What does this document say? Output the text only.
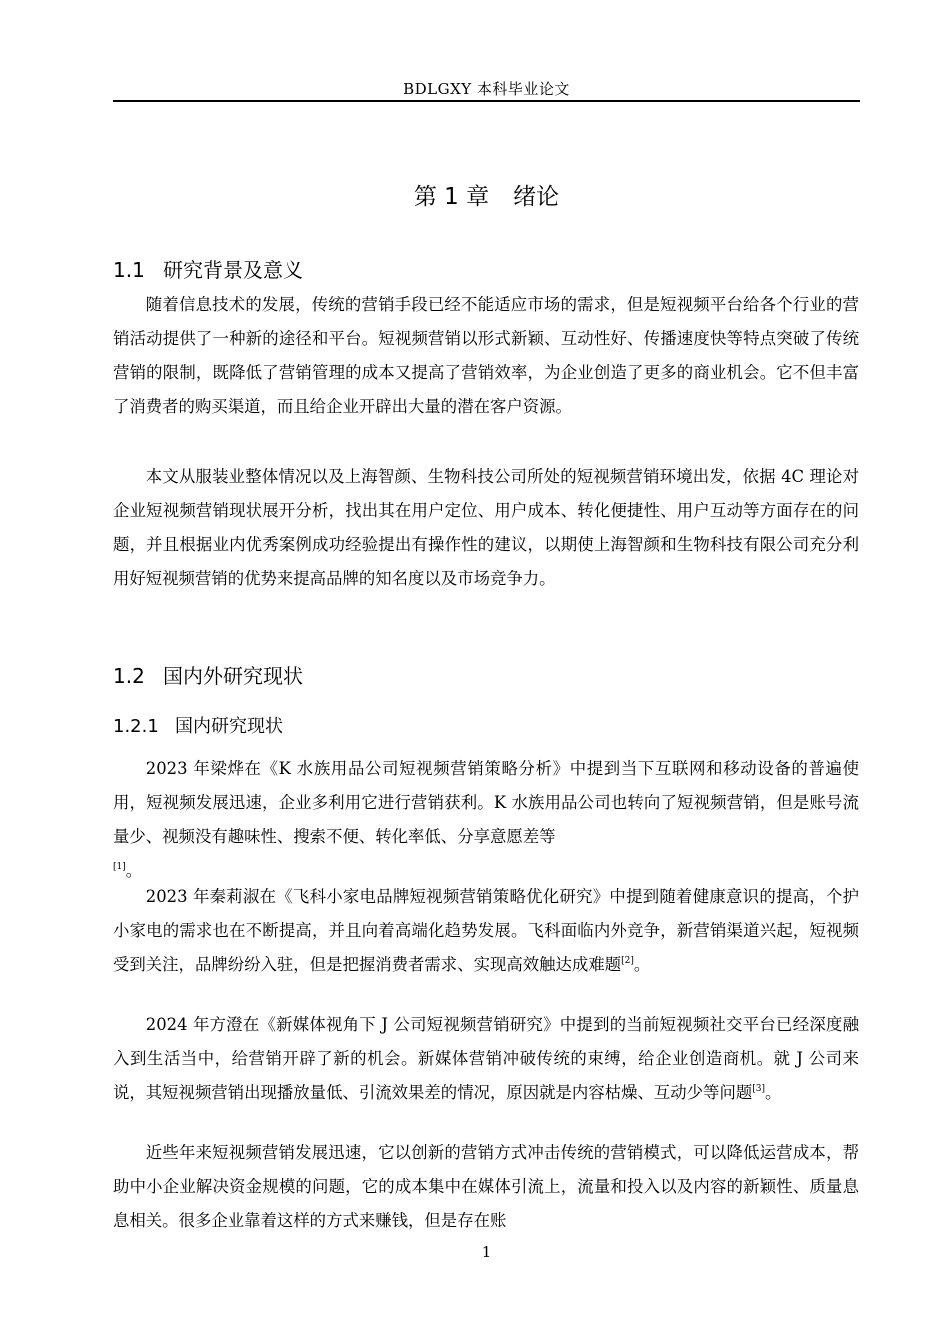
BDLGXY 本科毕业论文
第 1 章 绪论
1.1 研究背景及意义

随着信息技术的发展，传统的营销手段已经不能适应市场的需求，但是短视频平台给各个行业的营销活动提供了一种新的途径和平台。短视频营销以形式新颖、互动性好、传播速度快等特点突破了传统营销的限制，既降低了营销管理的成本又提高了营销效率，为企业创造了更多的商业机会。它不但丰富了消费者的购买渠道，而且给企业开辟出大量的潜在客户资源。

本文从服装业整体情况以及上海智颜、生物科技公司所处的短视频营销环境出发，依据 4C 理论对企业短视频营销现状展开分析，找出其在用户定位、用户成本、转化便捷性、用户互动等方面存在的问题，并且根据业内优秀案例成功经验提出有操作性的建议，以期使上海智颜和生物科技有限公司充分利用好短视频营销的优势来提高品牌的知名度以及市场竞争力。

1.2 国内外研究现状
1.2.1 国内研究现状

2023 年梁烨在《K 水族用品公司短视频营销策略分析》中提到当下互联网和移动设备的普遍使用，短视频发展迅速，企业多利用它进行营销获利。K 水族用品公司也转向了短视频营销，但是账号流量少、视频没有趣味性、搜索不便、转化率低、分享意愿差等
[1]。

2023 年秦莉淑在《飞科小家电品牌短视频营销策略优化研究》中提到随着健康意识的提高，个护小家电的需求也在不断提高，并且向着高端化趋势发展。飞科面临内外竞争，新营销渠道兴起，短视频受到关注，品牌纷纷入驻，但是把握消费者需求、实现高效触达成难题[2]。

2024 年方澄在《新媒体视角下 J 公司短视频营销研究》中提到的当前短视频社交平台已经深度融入到生活当中，给营销开辟了新的机会。新媒体营销冲破传统的束缚，给企业创造商机。就 J 公司来说，其短视频营销出现播放量低、引流效果差的情况，原因就是内容枯燥、互动少等问题[3]。

近些年来短视频营销发展迅速，它以创新的营销方式冲击传统的营销模式，可以降低运营成本，帮助中小企业解决资金规模的问题，它的成本集中在媒体引流上，流量和投入以及内容的新颖性、质量息息相关。很多企业靠着这样的方式来赚钱，但是存在账

1
